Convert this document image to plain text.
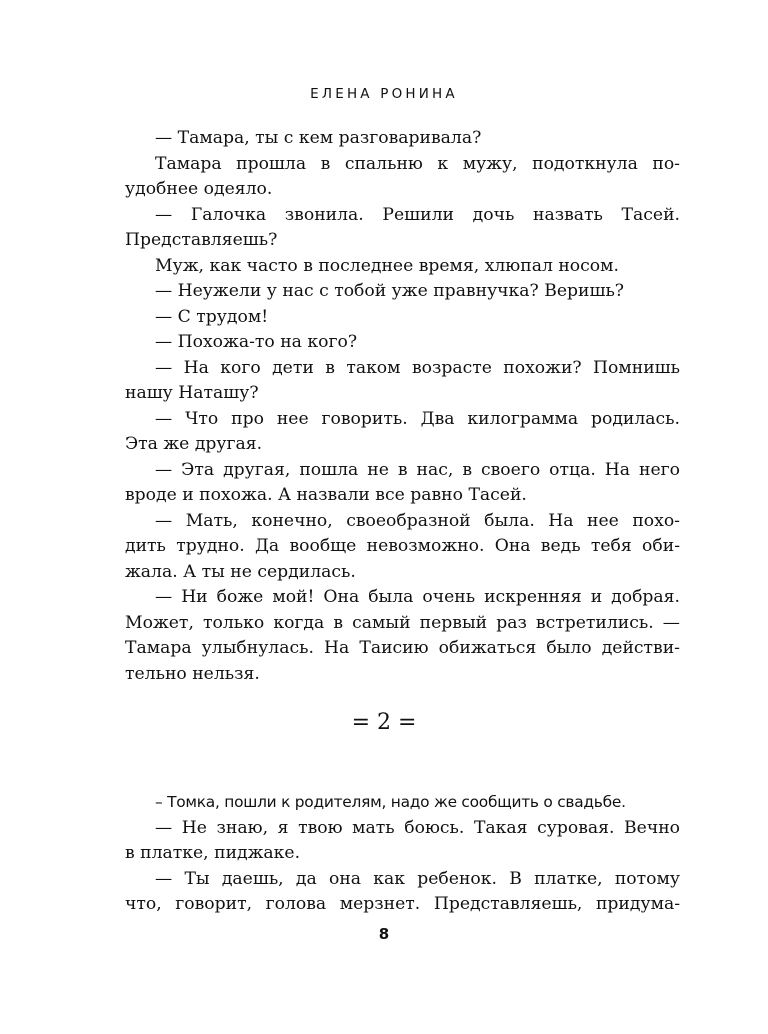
ЕЛЕНА РОНИНА
— Тамара, ты с кем разговаривала?
Тамара прошла в спальню к мужу, подоткнула по-
удобнее одеяло.
— Галочка звонила. Решили дочь назвать Тасей.
Представляешь?
Муж, как часто в последнее время, хлюпал носом.
— Неужели у нас с тобой уже правнучка? Веришь?
— С трудом!
— Похожа-то на кого?
— На кого дети в таком возрасте похожи? Помнишь
нашу Наташу?
— Что про нее говорить. Два килограмма родилась.
Эта же другая.
— Эта другая, пошла не в нас, в своего отца. На него
вроде и похожа. А назвали все равно Тасей.
— Мать, конечно, своеобразной была. На нее похо-
дить трудно. Да вообще невозможно. Она ведь тебя оби-
жала. А ты не сердилась.
— Ни боже мой! Она была очень искренняя и добрая.
Может, только когда в самый первый раз встретились. —
Тамара улыбнулась. На Таисию обижаться было действи-
тельно нельзя.
= 2 =
– Томка, пошли к родителям, надо же сообщить о свадьбе.
— Не знаю, я твою мать боюсь. Такая суровая. Вечно
в платке, пиджаке.
— Ты даешь, да она как ребенок. В платке, потому
что, говорит, голова мерзнет. Представляешь, придума-
8
